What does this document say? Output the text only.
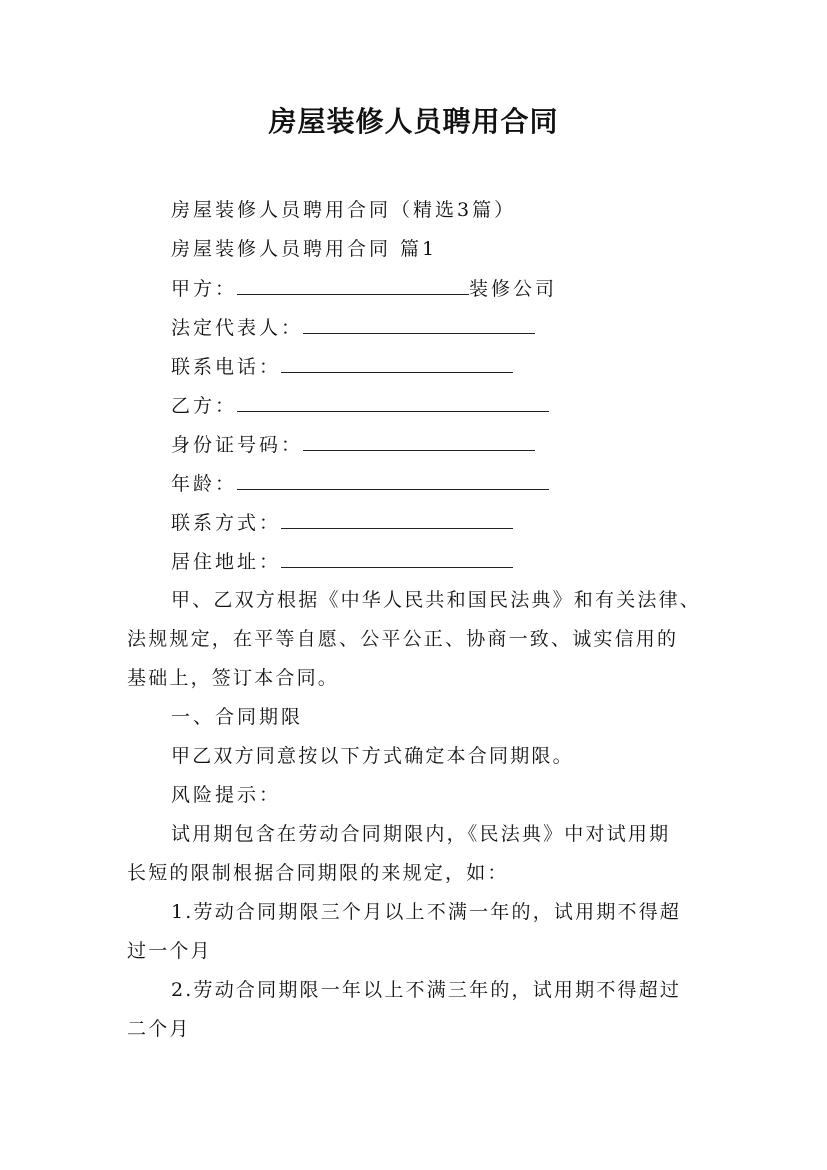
房屋装修人员聘用合同
房屋装修人员聘用合同（精选3篇）
房屋装修人员聘用合同 篇1
甲方：	装修公司
法定代表人：
联系电话：
乙方：
身份证号码：
年龄：
联系方式：
居住地址：
甲、乙双方根据《中华人民共和国民法典》和有关法律、
法规规定，在平等自愿、公平公正、协商一致、诚实信用的
基础上，签订本合同。
一、合同期限
甲乙双方同意按以下方式确定本合同期限。
风险提示：
试用期包含在劳动合同期限内，《民法典》中对试用期
长短的限制根据合同期限的来规定，如：
1.劳动合同期限三个月以上不满一年的，试用期不得超
过一个月
2.劳动合同期限一年以上不满三年的，试用期不得超过
二个月
